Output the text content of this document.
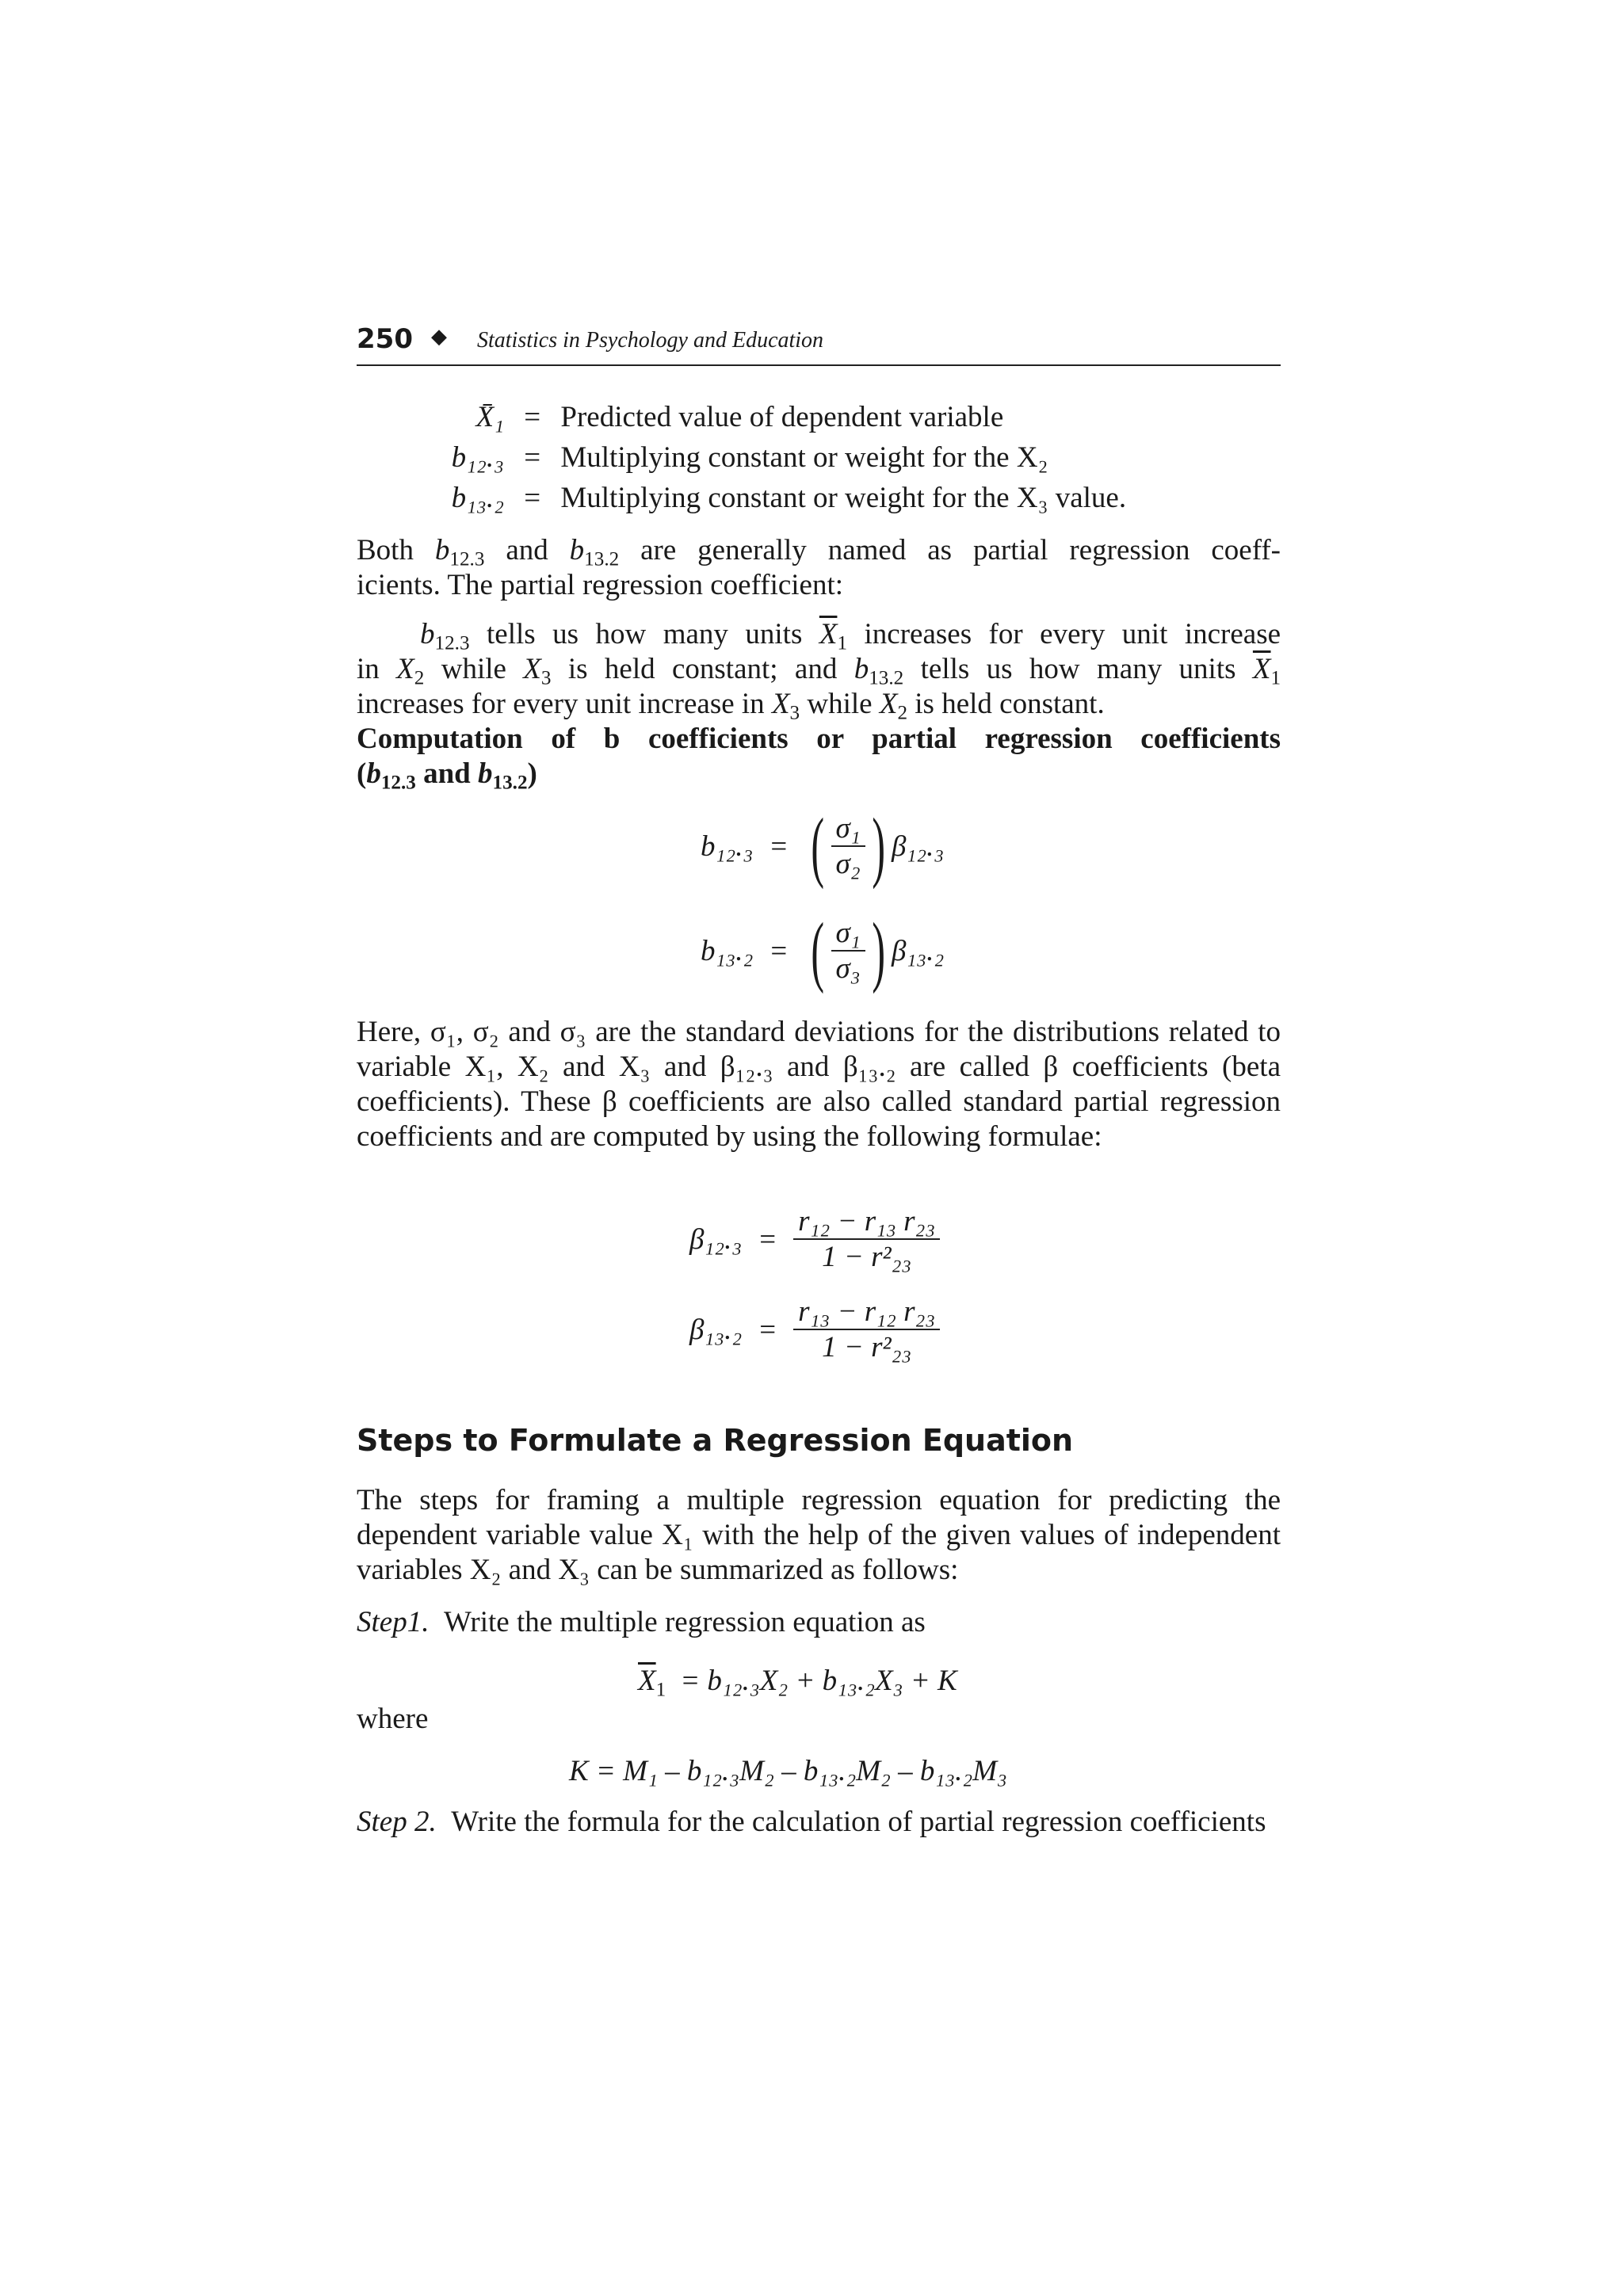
250 ◆ Statistics in Psychology and Education
X̄₁ = Predicted value of dependent variable
b₁₂.₃ = Multiplying constant or weight for the X₂
b₁₃.₂ = Multiplying constant or weight for the X₃ value.
Both $b_{12.3}$ and $b_{13.2}$ are generally named as partial regression coeff-
icients. The partial regression coefficient:
$b_{12.3}$ tells us how many units $\overline{X}_1$ increases for every unit increase
in $X_2$ while $X_3$ is held constant; and $b_{13.2}$ tells us how many units $\overline{X}_1$
increases for every unit increase in $X_3$ while $X_2$ is held constant.
Computation of b coefficients or partial regression coefficients
($b_{12.3}$ and $b_{13.2}$)
b₁₂.₃ = ( $\frac{\text{σ₁}}{\text{σ₂}}$ ) β₁₂.₃
b₁₃.₂ = ( $\frac{\text{σ₁}}{\text{σ₃}}$ ) β₁₃.₂
Here, σ₁, σ₂ and σ₃ are the standard deviations for the distributions related to variable X₁, X₂ and X₃ and β₁₂.₃ and β₁₃.₂ are called β coefficients (beta coefficients). These β coefficients are also called standard partial regression coefficients and are computed by using the following formulae:
$\beta_{12}._3 = \frac{\text{r₁₂ − r₁₃ r₂₃}}{\text{1 − r²₂₃}}$
$\beta_{13}._2 = \frac{\text{r₁₃ − r₁₂ r₂₃}}{\text{1 − r²₂₃}}$
Steps to Formulate a Regression Equation
The steps for framing a multiple regression equation for predicting the dependent variable value X₁ with the help of the given values of independent variables X₂ and X₃ can be summarized as follows:
Step1. Write the multiple regression equation as
$\overline{X}_1 = b_{12}._3X_2 + b_{13}._2X_3 + K$
where
K = M₁ – b₁₂.₃M₂ – b₁₃.₂M₂ – b₁₃.₂M₃
Step 2. Write the formula for the calculation of partial regression coefficients
